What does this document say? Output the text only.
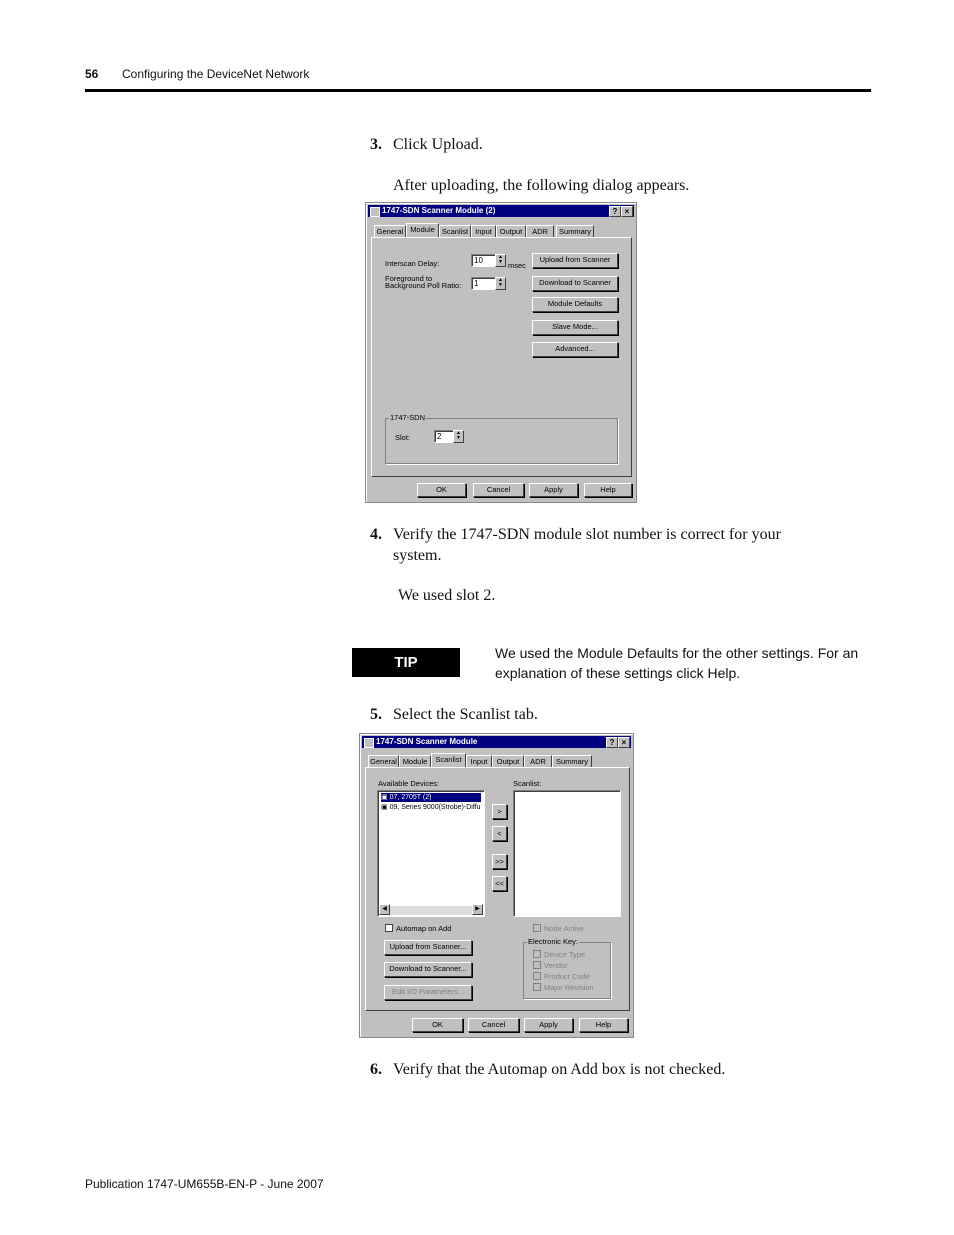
56 Configuring the DeviceNet Network
3. Click Upload.
After uploading, the following dialog appears.
1747-SDN Scanner Module (2)	? ×
General Module Scanlist Input	Output	ADR	Summary
Interscan Delay:	10	▲
▼ msec
Foreground to
Background Poll Ratio:	1	▲
▼
Upload from Scanner
Download to Scanner
Module Defaults
Slave Mode...
Advanced...
1747-SDN
Slot:	2	▲
▼
OK	Cancel	Apply	Help
4. Verify the 1747-SDN module slot number is correct for your
system.
We used slot 2.
TIP
We used the Module Defaults for the other settings. For an
explanation of these settings click Help.
5. Select the Scanlist tab.
1747-SDN Scanner Module	? ×
General Module	Scanlist	Input	Output	ADR	Summary
Available Devices:	Scanlist:
▣ 07, 2705T (2)
▣ 09, Series 9000(Strobe)-Diffu
◀	▶
>
<
>>
<<
Automap on Add	Node Active
Upload from Scanner...
Download to Scanner...
Edit I/O Parameters...
Electronic Key:
Device Type
Vendor
Product Code
Major Revision
OK	Cancel	Apply	Help
6. Verify that the Automap on Add box is not checked.
Publication 1747-UM655B-EN-P - June 2007
